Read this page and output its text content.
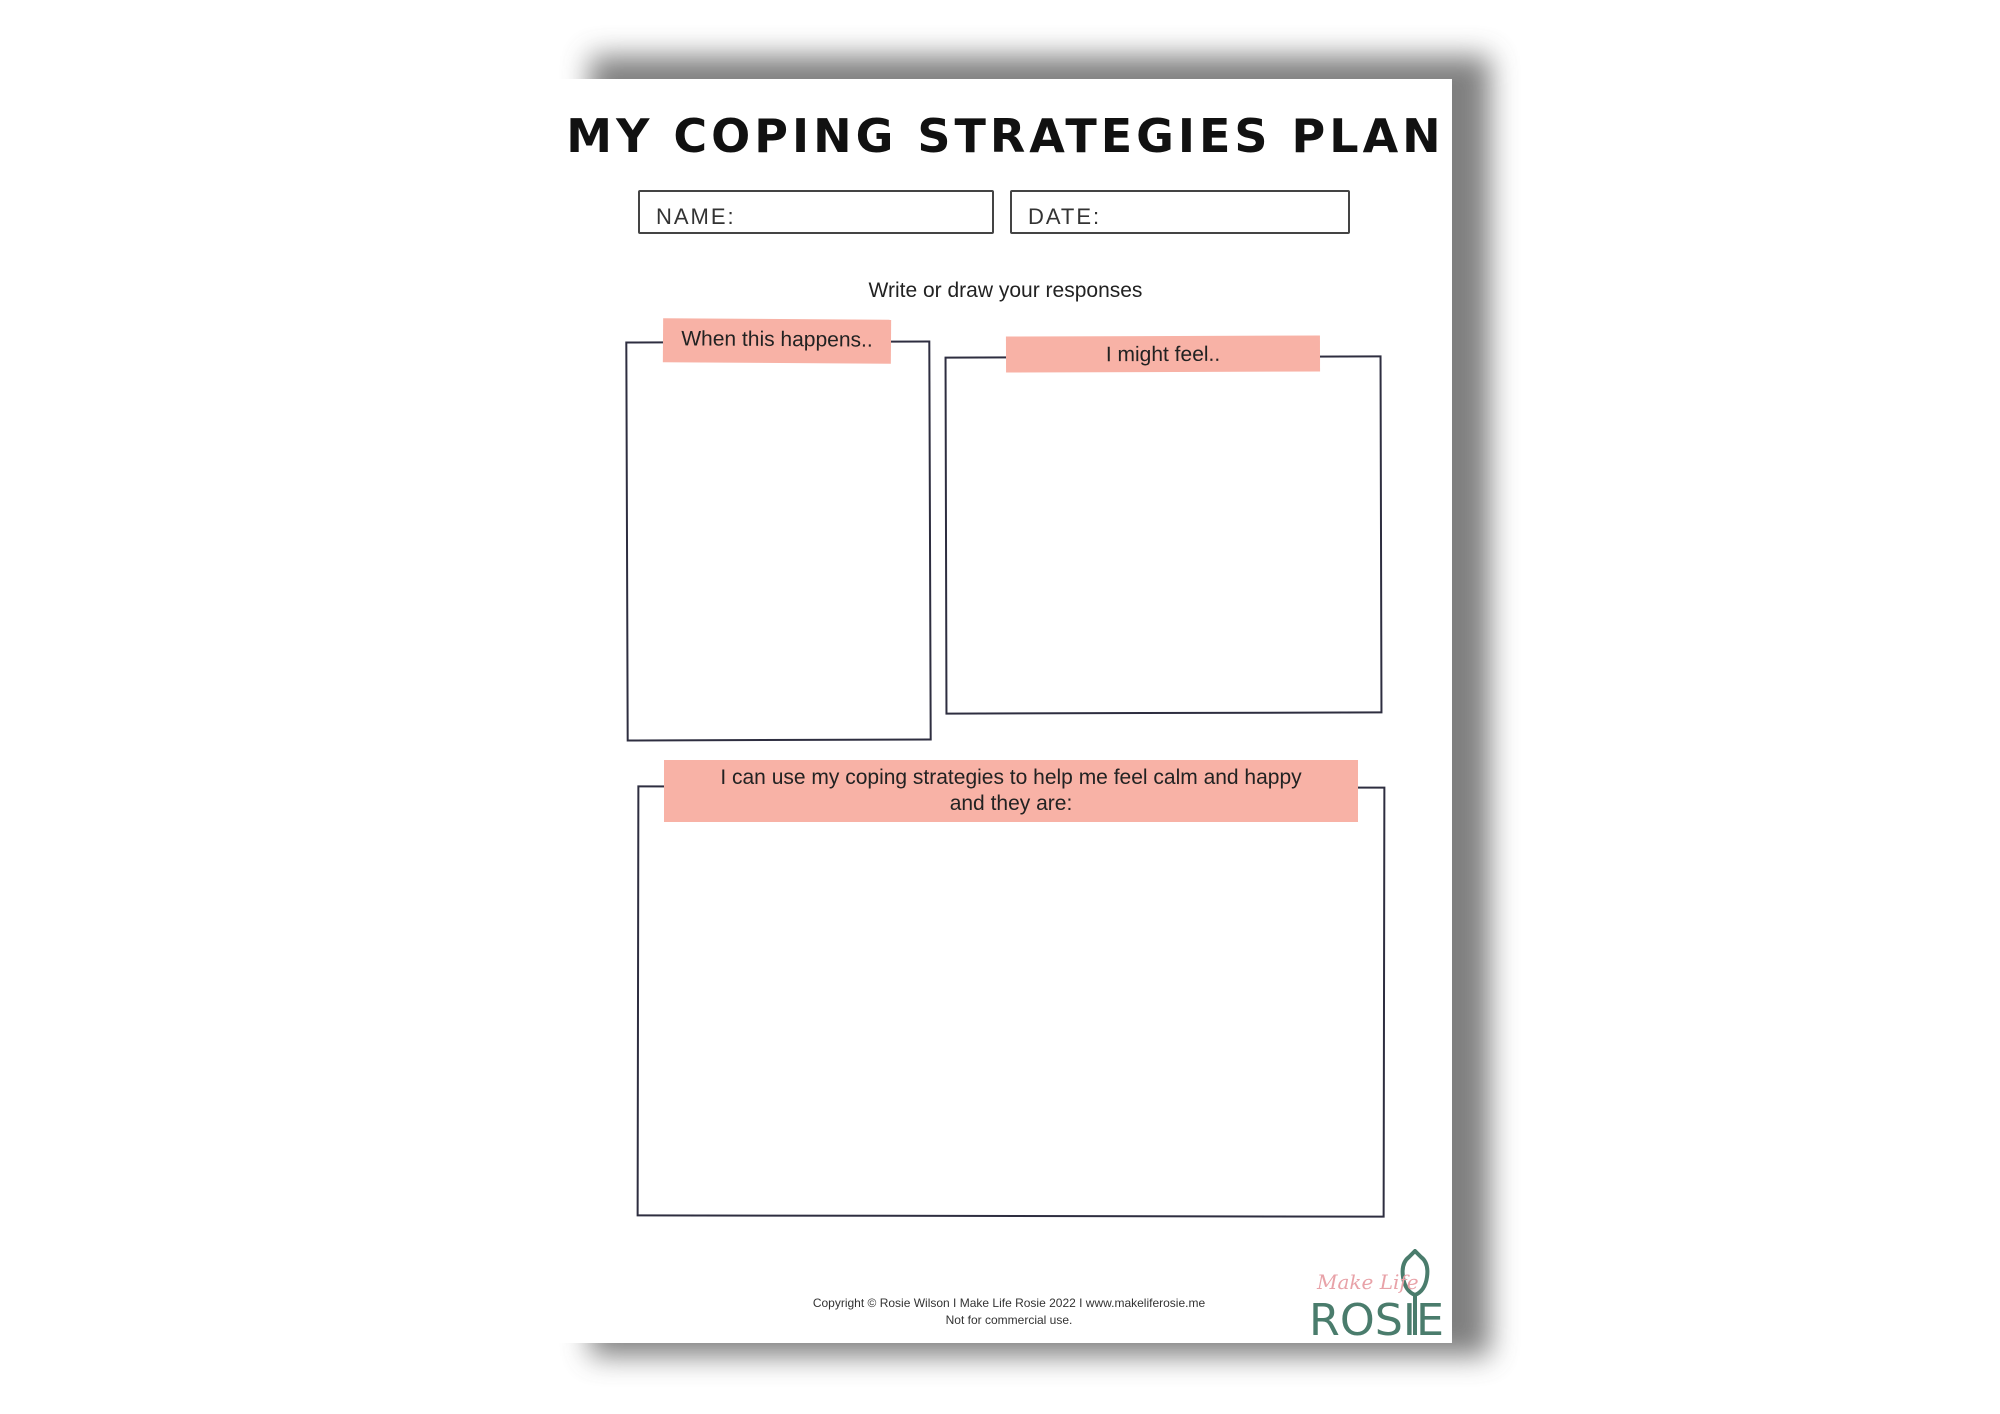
MY COPING STRATEGIES PLAN
NAME:	DATE:
Write or draw your responses
When this happens..
I might feel..
I can use my coping strategies to help me feel calm and happy
and they are:
Copyright © Rosie Wilson I Make Life Rosie 2022 I www.makeliferosie.me
Not for commercial use.
Make Life
ROSIE
